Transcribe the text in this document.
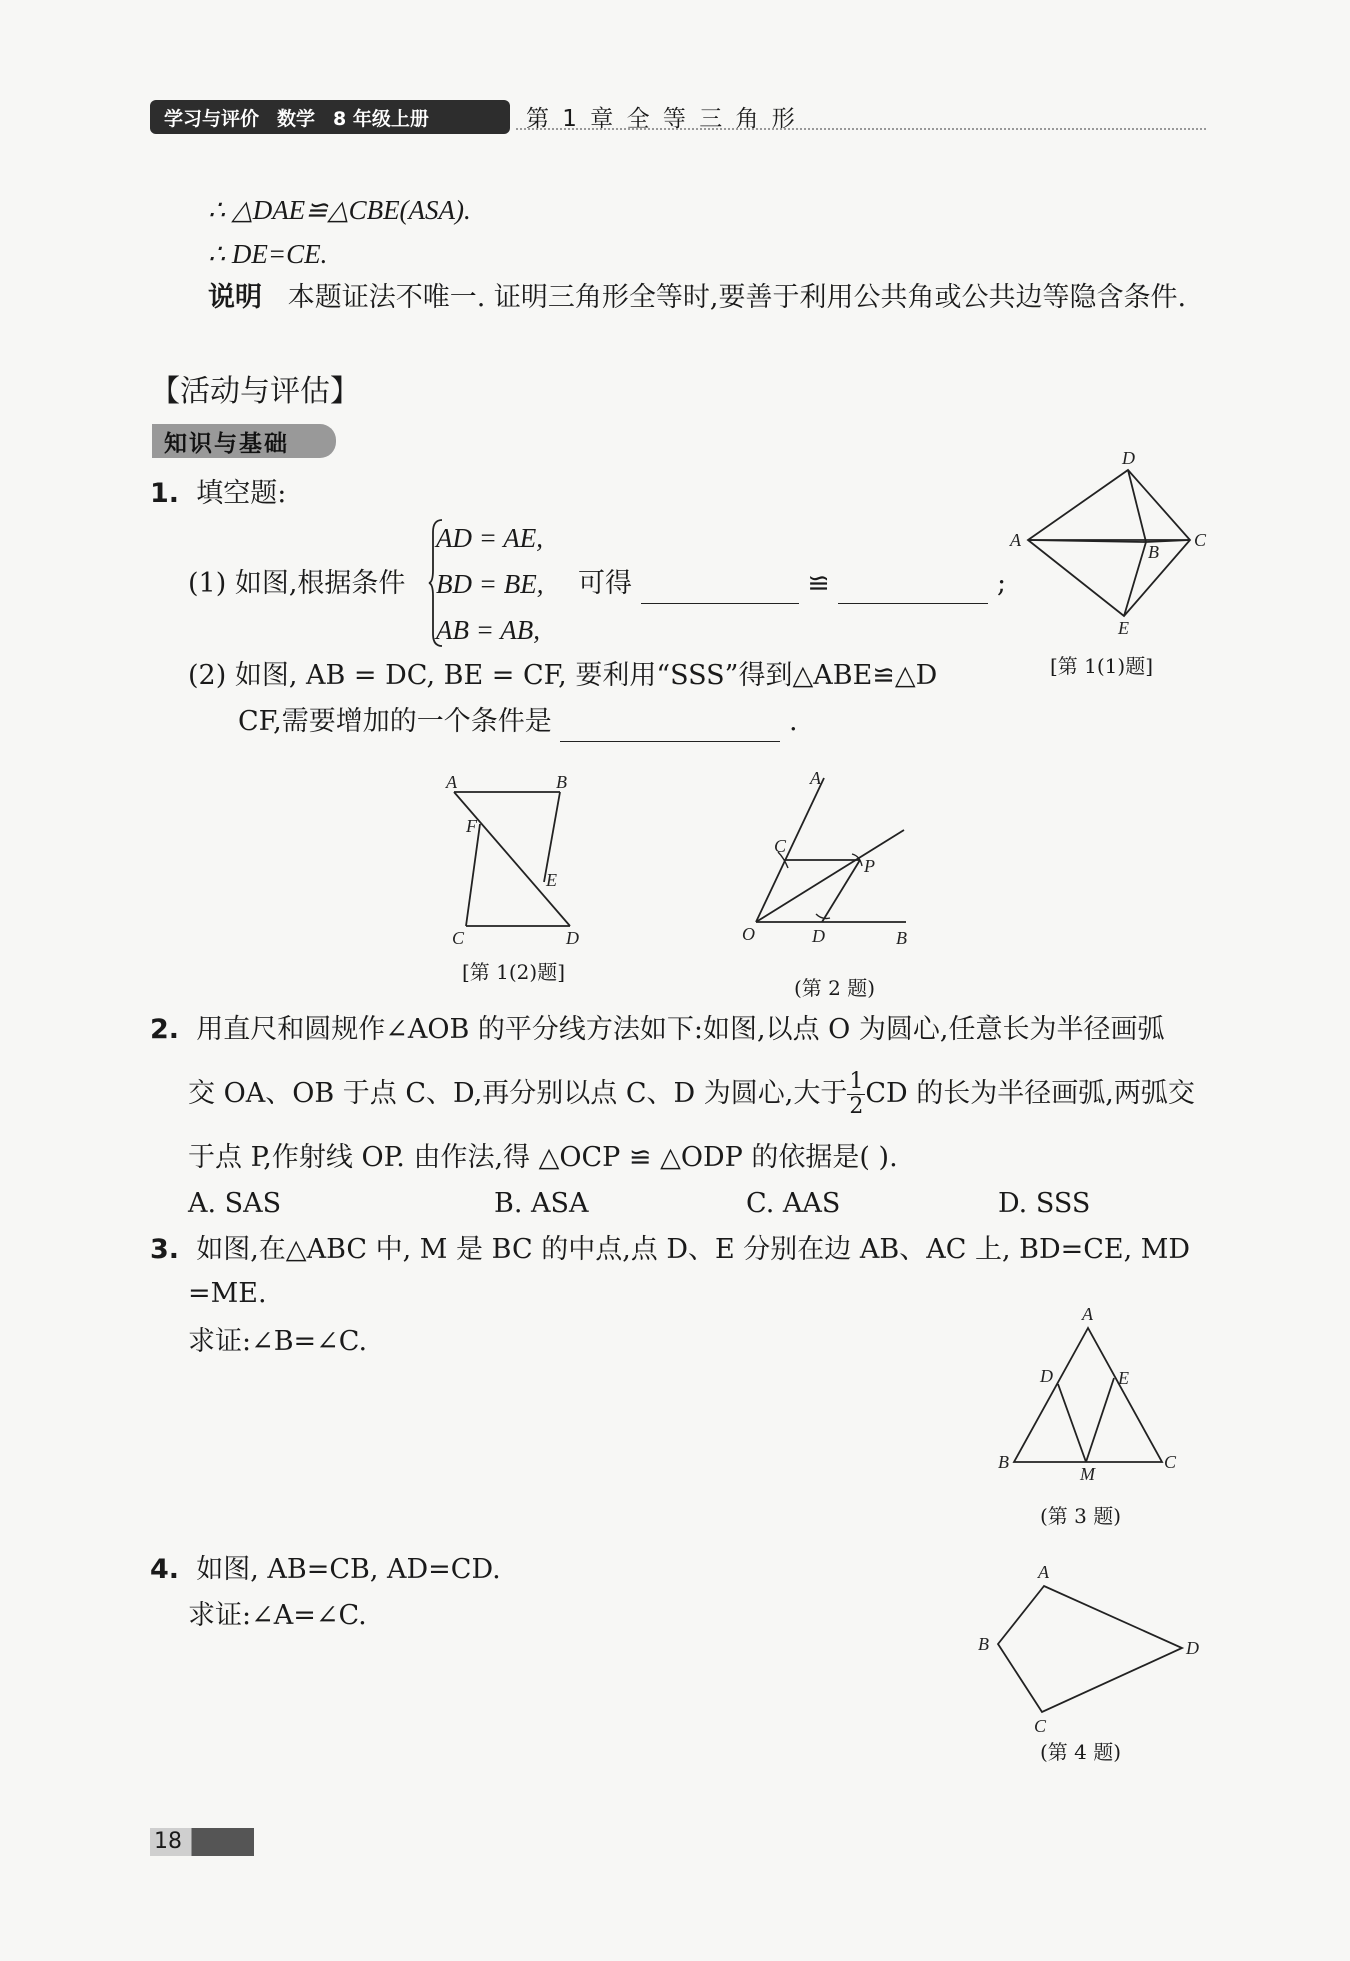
学习与评价 数学 8 年级上册	第 1 章 全 等 三 角 形
∴ △DAE≌△CBE(ASA).
∴ DE=CE.
说明 本题证法不唯一. 证明三角形全等时,要善于利用公共角或公共边等隐含条件.
【活动与评估】
知识与基础
1. 填空题:
(1) 如图,根据条件
AD = AE,
BD = BE,
AB = AB,
可得	≌	;
D
A
B
C
E
[第 1(1)题]
(2) 如图, AB = DC, BE = CF, 要利用“SSS”得到△ABE≌△D
CF,需要增加的一个条件是	.
A	B
F
E
C	D
[第 1(2)题]
A
C
P
O	D	B
(第 2 题)
2. 用直尺和圆规作∠AOB 的平分线方法如下:如图,以点 O 为圆心,任意长为半径画弧
交 OA、OB 于点 C、D,再分别以点 C、D 为圆心,大于 $\frac{1}{2}$ CD 的长为半径画弧,两弧交
于点 P,作射线 OP. 由作法,得 △OCP ≌ △ODP 的依据是( ).
A. SAS	B. ASA	C. AAS	D. SSS
3. 如图,在△ABC 中, M 是 BC 的中点,点 D、E 分别在边 AB、AC 上, BD=CE, MD
=ME.
求证:∠B=∠C.
A
D	E
B	C
M
(第 3 题)
4. 如图, AB=CB, AD=CD.
求证:∠A=∠C.
A
B
C
D
(第 4 题)
18
